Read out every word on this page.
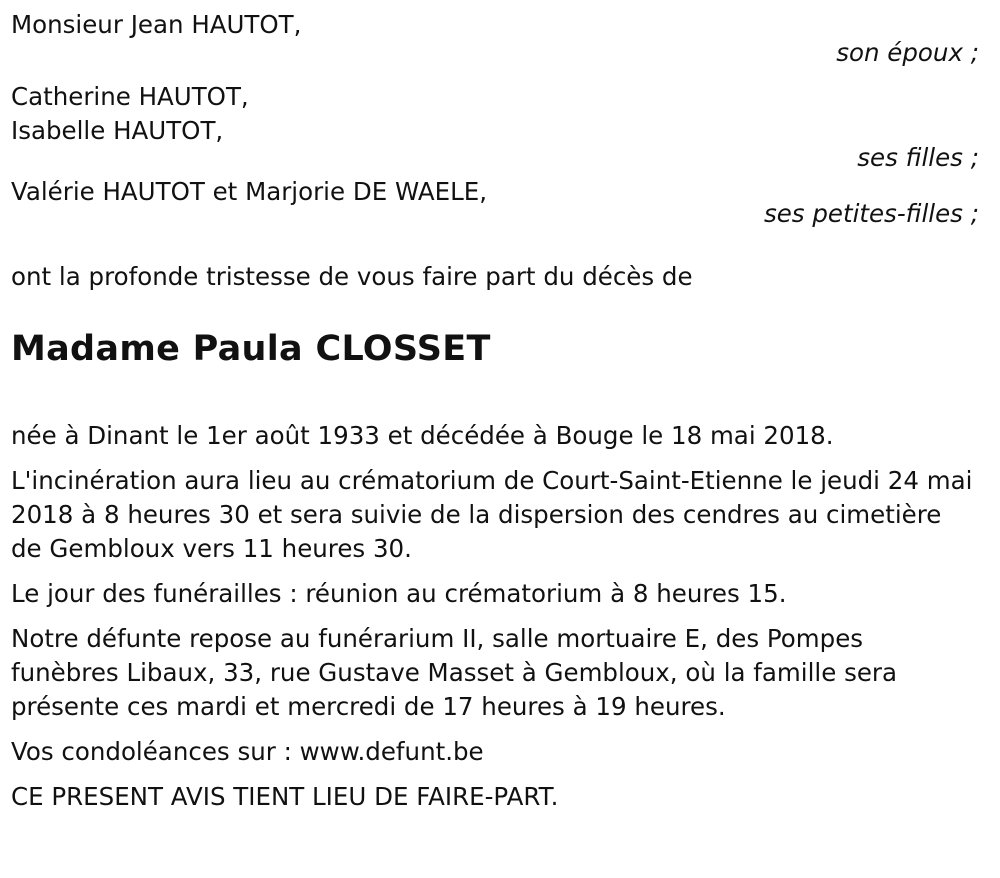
Monsieur Jean HAUTOT,

son époux ;

Catherine HAUTOT,

Isabelle HAUTOT,

ses filles ;

Valérie HAUTOT et Marjorie DE WAELE,

ses petites-filles ;

ont la profonde tristesse de vous faire part du décès de

Madame Paula CLOSSET

née à Dinant le 1er août 1933 et décédée à Bouge le 18 mai 2018.

L'incinération aura lieu au crématorium de Court-Saint-Etienne le jeudi 24 mai 2018 à 8 heures 30 et sera suivie de la dispersion des cendres au cimetière de Gembloux vers 11 heures 30.

Le jour des funérailles : réunion au crématorium à 8 heures 15.

Notre défunte repose au funérarium II, salle mortuaire E, des Pompes funèbres Libaux, 33, rue Gustave Masset à Gembloux, où la famille sera présente ces mardi et mercredi de 17 heures à 19 heures.

Vos condoléances sur : www.defunt.be

CE PRESENT AVIS TIENT LIEU DE FAIRE-PART.
